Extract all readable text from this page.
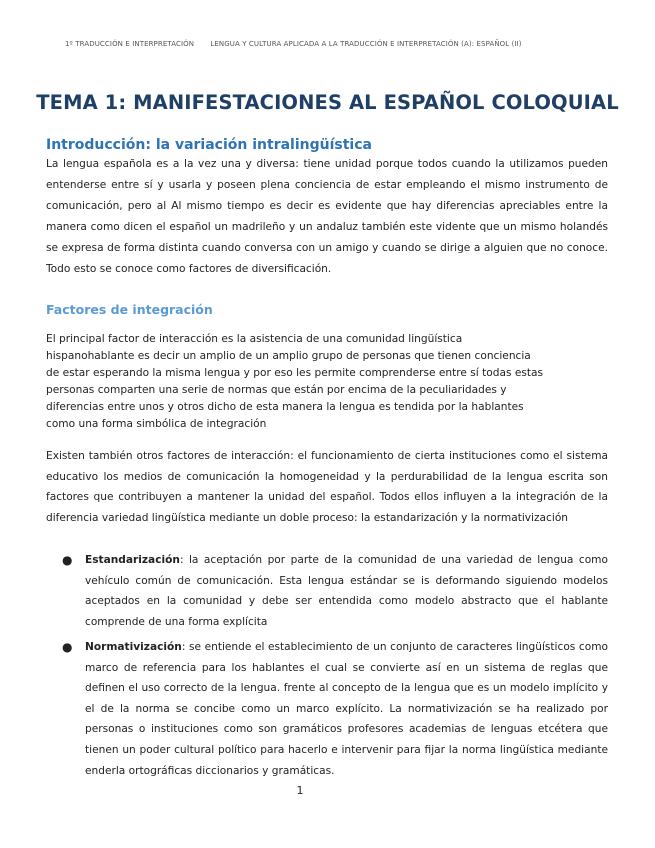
1º TRADUCCIÓN E INTERPRETACIÓN LENGUA Y CULTURA APLICADA A LA TRADUCCIÓN E INTERPRETACIÓN (A): ESPAÑOL (II)
TEMA 1: MANIFESTACIONES AL ESPAÑOL COLOQUIAL
Introducción: la variación intralingüística

La lengua española es a la vez una y diversa: tiene unidad porque todos cuando la utilizamos pueden entenderse entre sí y usarla y poseen plena conciencia de estar empleando el mismo instrumento de comunicación, pero al Al mismo tiempo es decir es evidente que hay diferencias apreciables entre la manera como dicen el español un madrileño y un andaluz también este vidente que un mismo holandés se expresa de forma distinta cuando conversa con un amigo y cuando se dirige a alguien que no conoce. Todo esto se conoce como factores de diversificación.

Factores de integración

El principal factor de interacción es la asistencia de una comunidad lingüística
hispanohablante es decir un amplio de un amplio grupo de personas que tienen conciencia
de estar esperando la misma lengua y por eso les permite comprenderse entre sí todas estas
personas comparten una serie de normas que están por encima de la peculiaridades y
diferencias entre unos y otros dicho de esta manera la lengua es tendida por la hablantes
como una forma simbólica de integración

Existen también otros factores de interacción: el funcionamiento de cierta instituciones como el sistema educativo los medios de comunicación la homogeneidad y la perdurabilidad de la lengua escrita son factores que contribuyen a mantener la unidad del español. Todos ellos influyen a la integración de la diferencia variedad lingüística mediante un doble proceso: la estandarización y la normativización

● Estandarización: la aceptación por parte de la comunidad de una variedad de lengua como vehículo común de comunicación. Esta lengua estándar se is deformando siguiendo modelos aceptados en la comunidad y debe ser entendida como modelo abstracto que el hablante comprende de una forma explícita

● Normativización: se entiende el establecimiento de un conjunto de caracteres lingüísticos como marco de referencia para los hablantes el cual se convierte así en un sistema de reglas que definen el uso correcto de la lengua. frente al concepto de la lengua que es un modelo implícito y el de la norma se concibe como un marco explícito. La normativización se ha realizado por personas o instituciones como son gramáticos profesores academias de lenguas etcétera que tienen un poder cultural político para hacerlo e intervenir para fijar la norma lingüística mediante enderla ortográficas diccionarios y gramáticas.

1
